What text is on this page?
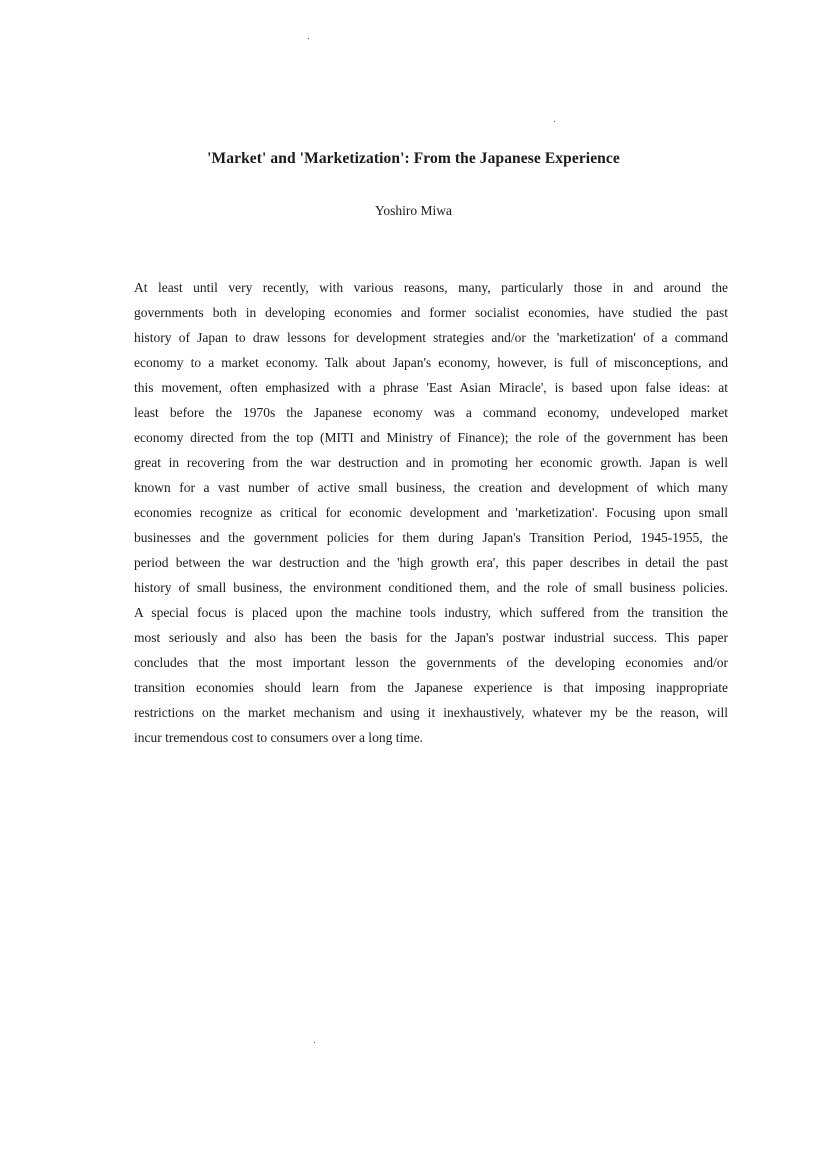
'Market' and 'Marketization': From the Japanese Experience

Yoshiro Miwa

At least until very recently, with various reasons, many, particularly those in and around the
governments both in developing economies and former socialist economies, have studied the past
history of Japan to draw lessons for development strategies and/or the 'marketization' of a command
economy to a market economy. Talk about Japan's economy, however, is full of misconceptions, and
this movement, often emphasized with a phrase 'East Asian Miracle', is based upon false ideas: at
least before the 1970s the Japanese economy was a command economy, undeveloped market
economy directed from the top (MITI and Ministry of Finance); the role of the government has been
great in recovering from the war destruction and in promoting her economic growth. Japan is well
known for a vast number of active small business, the creation and development of which many
economies recognize as critical for economic development and 'marketization'. Focusing upon small
businesses and the government policies for them during Japan's Transition Period, 1945-1955, the
period between the war destruction and the 'high growth era', this paper describes in detail the past
history of small business, the environment conditioned them, and the role of small business policies.
A special focus is placed upon the machine tools industry, which suffered from the transition the
most seriously and also has been the basis for the Japan's postwar industrial success. This paper
concludes that the most important lesson the governments of the developing economies and/or
transition economies should learn from the Japanese experience is that imposing inappropriate
restrictions on the market mechanism and using it inexhaustively, whatever my be the reason, will
incur tremendous cost to consumers over a long time.
